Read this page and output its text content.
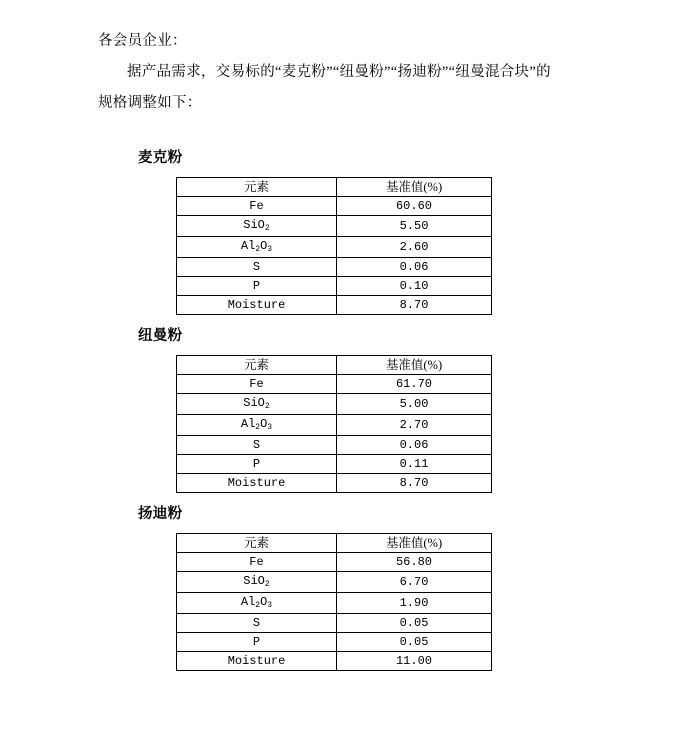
各会员企业：

据产品需求，交易标的“麦克粉”“纽曼粉”“扬迪粉”“纽曼混合块”的规格调整如下：

麦克粉
元素	基准值(%)
Fe	60.60
SiO$_2$	5.50
$Al_2O_3$	2.60
S	0.06
P	0.10
Moisture	8.70
纽曼粉
元素	基准值(%)
Fe	61.70
SiO$_2$	5.00
$Al_2O_3$	2.70
S	0.06
P	0.11
Moisture	8.70
扬迪粉
元素	基准值(%)
Fe	56.80
SiO$_2$	6.70
$Al_2O_3$	1.90
S	0.05
P	0.05
Moisture	11.00
